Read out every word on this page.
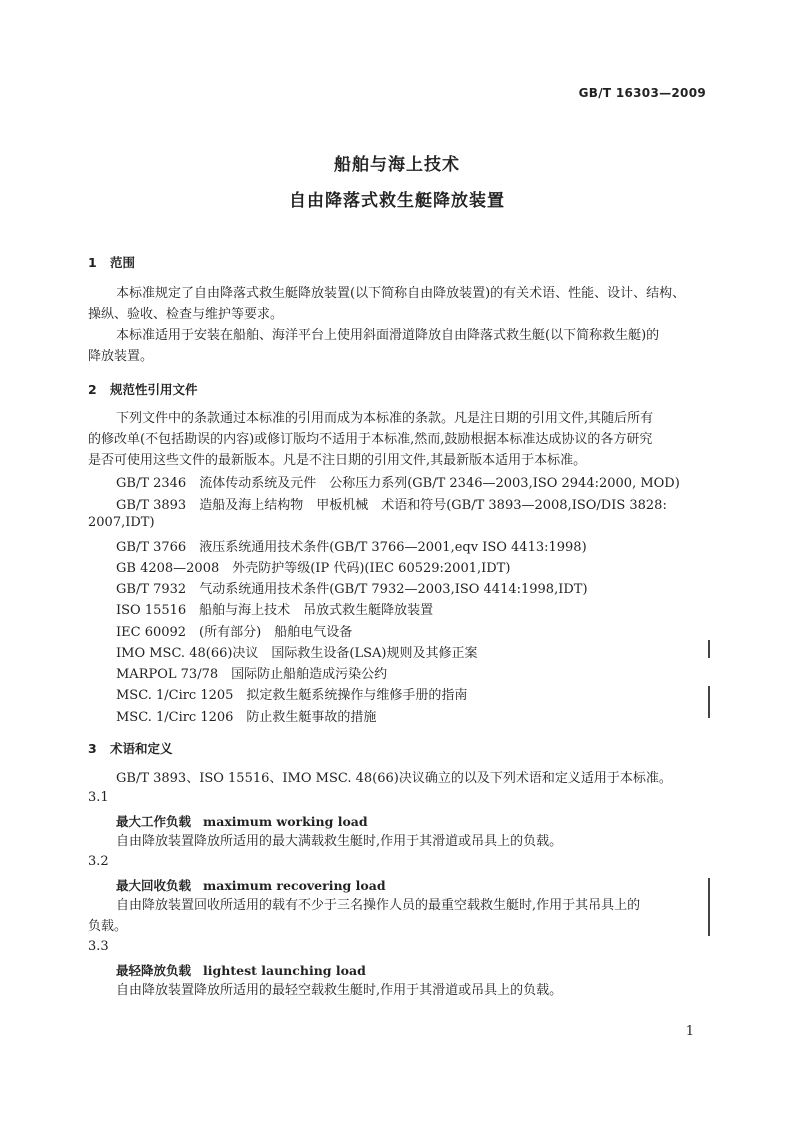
GB/T 16303—2009
船舶与海上技术
自由降落式救生艇降放装置
1 范围
本标准规定了自由降落式救生艇降放装置(以下简称自由降放装置)的有关术语、性能、设计、结构、
操纵、验收、检查与维护等要求。
本标准适用于安装在船舶、海洋平台上使用斜面滑道降放自由降落式救生艇(以下简称救生艇)的
降放装置。
2 规范性引用文件
下列文件中的条款通过本标准的引用而成为本标准的条款。凡是注日期的引用文件,其随后所有
的修改单(不包括勘误的内容)或修订版均不适用于本标准,然而,鼓励根据本标准达成协议的各方研究
是否可使用这些文件的最新版本。凡是不注日期的引用文件,其最新版本适用于本标准。
GB/T 2346　流体传动系统及元件　公称压力系列(GB/T 2346—2003,ISO 2944:2000, MOD)
GB/T 3893　造船及海上结构物　甲板机械　术语和符号(GB/T 3893—2008,ISO/DIS 3828:
2007,IDT)
GB/T 3766　液压系统通用技术条件(GB/T 3766—2001,eqv ISO 4413:1998)
GB 4208—2008　外壳防护等级(IP 代码)(IEC 60529:2001,IDT)
GB/T 7932　气动系统通用技术条件(GB/T 7932—2003,ISO 4414:1998,IDT)
ISO 15516　船舶与海上技术　吊放式救生艇降放装置
IEC 60092　(所有部分)　船舶电气设备
IMO MSC. 48(66)决议　国际救生设备(LSA)规则及其修正案
MARPOL 73/78　国际防止船舶造成污染公约
MSC. 1/Circ 1205　拟定救生艇系统操作与维修手册的指南
MSC. 1/Circ 1206　防止救生艇事故的措施
3 术语和定义
GB/T 3893、ISO 15516、IMO MSC. 48(66)决议确立的以及下列术语和定义适用于本标准。
3.1
最大工作负载 maximum working load
自由降放装置降放所适用的最大满载救生艇时,作用于其滑道或吊具上的负载。
3.2
最大回收负载 maximum recovering load
自由降放装置回收所适用的载有不少于三名操作人员的最重空载救生艇时,作用于其吊具上的
负载。
3.3
最轻降放负载 lightest launching load
自由降放装置降放所适用的最轻空载救生艇时,作用于其滑道或吊具上的负载。
1
